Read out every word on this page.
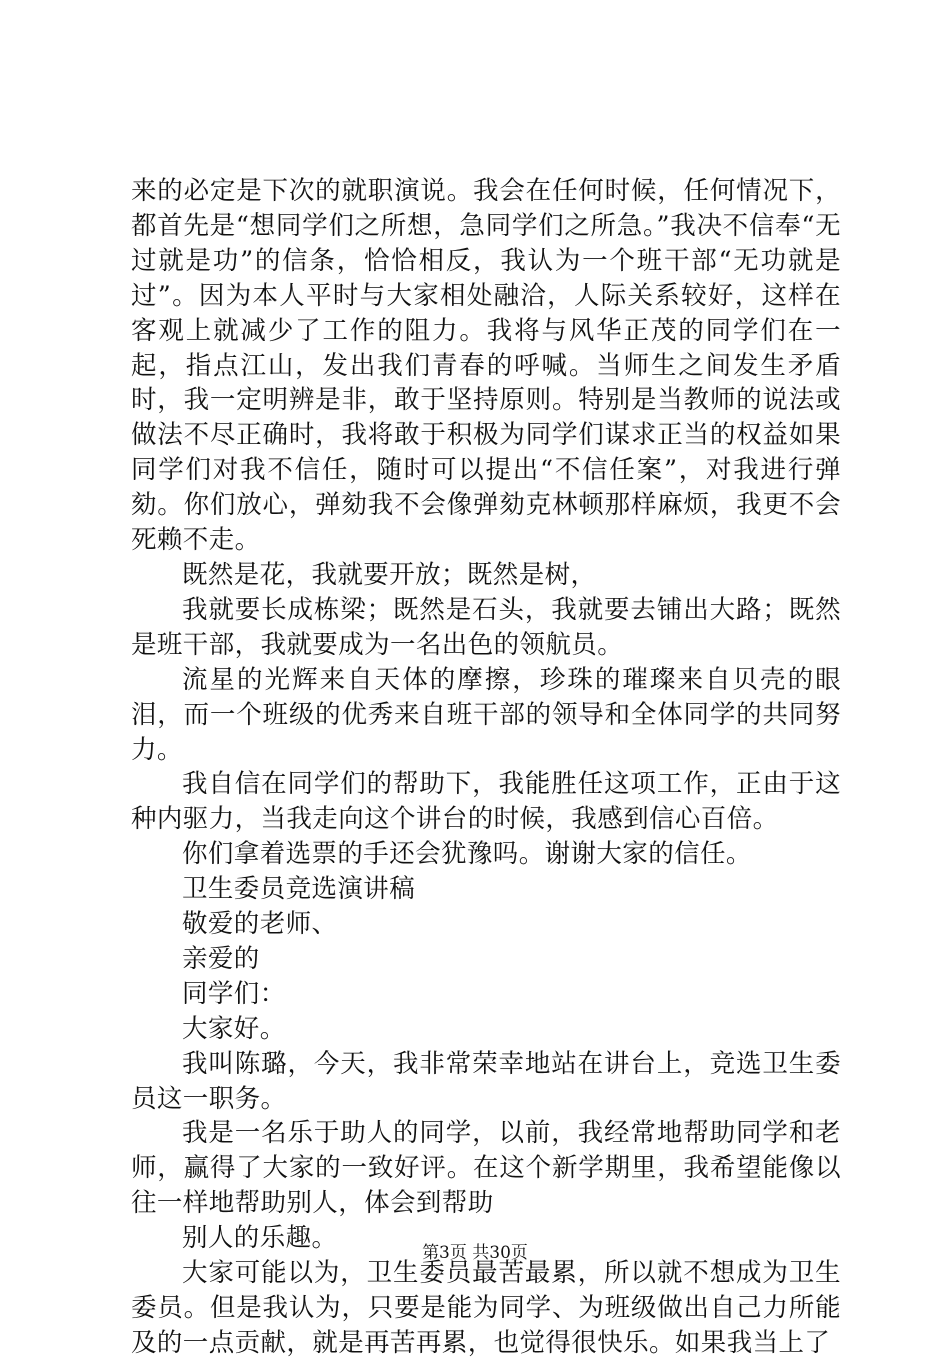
来的必定是下次的就职演说。我会在任何时候，任何情况下，都首先是“想同学们之所想，急同学们之所急。”我决不信奉“无过就是功”的信条，恰恰相反，我认为一个班干部“无功就是过”。因为本人平时与大家相处融洽，人际关系较好，这样在客观上就减少了工作的阻力。我将与风华正茂的同学们在一起，指点江山，发出我们青春的呼喊。当师生之间发生矛盾时，我一定明辨是非，敢于坚持原则。特别是当教师的说法或做法不尽正确时，我将敢于积极为同学们谋求正当的权益如果同学们对我不信任，随时可以提出“不信任案”，对我进行弹劾。你们放心，弹劾我不会像弹劾克林顿那样麻烦，我更不会死赖不走。

既然是花，我就要开放；既然是树，

我就要长成栋梁；既然是石头，我就要去铺出大路；既然是班干部，我就要成为一名出色的领航员。

流星的光辉来自天体的摩擦，珍珠的璀璨来自贝壳的眼泪，而一个班级的优秀来自班干部的领导和全体同学的共同努力。

我自信在同学们的帮助下，我能胜任这项工作，正由于这种内驱力，当我走向这个讲台的时候，我感到信心百倍。

你们拿着选票的手还会犹豫吗。谢谢大家的信任。

卫生委员竞选演讲稿

敬爱的老师、

亲爱的

同学们：

大家好。

我叫陈璐，今天，我非常荣幸地站在讲台上，竞选卫生委员这一职务。

我是一名乐于助人的同学，以前，我经常地帮助同学和老师，赢得了大家的一致好评。在这个新学期里，我希望能像以往一样地帮助别人，体会到帮助

别人的乐趣。

大家可能以为，卫生委员最苦最累，所以就不想成为卫生委员。但是我认为，只要是能为同学、为班级做出自己力所能及的一点贡献，就是再苦再累，也觉得很快乐。如果我当上了

第3页 共30页
